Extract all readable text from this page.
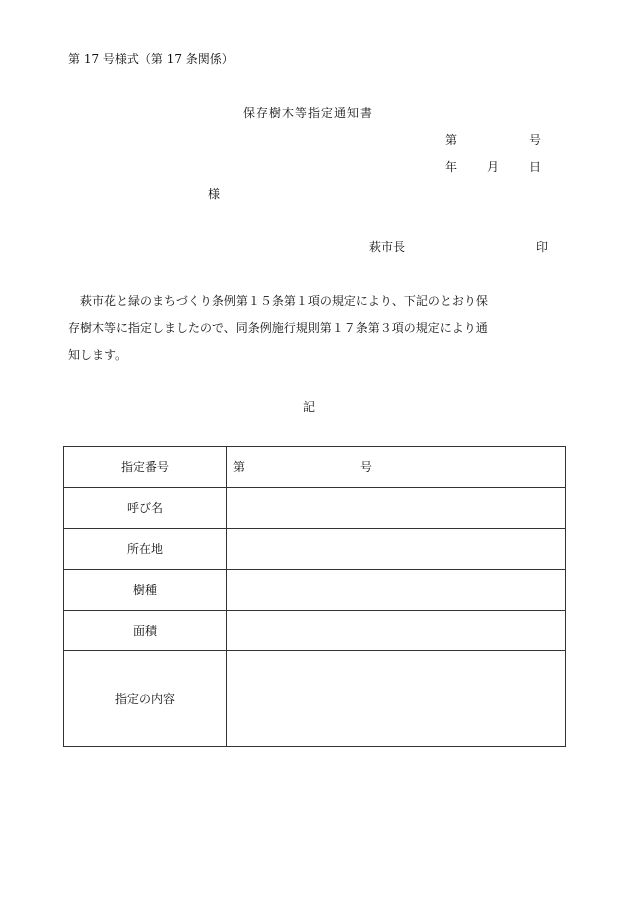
第 17 号様式（第 17 条関係）
保存樹木等指定通知書
第	号
年 月 日
様
萩市長	印
　萩市花と緑のまちづくり条例第１５条第１項の規定により、下記のとおり保
存樹木等に指定しましたので、同条例施行規則第１７条第３項の規定により通
知します。
記
指定番号	第 号
呼び名	
所在地	
樹種	
面積	
指定の内容	
